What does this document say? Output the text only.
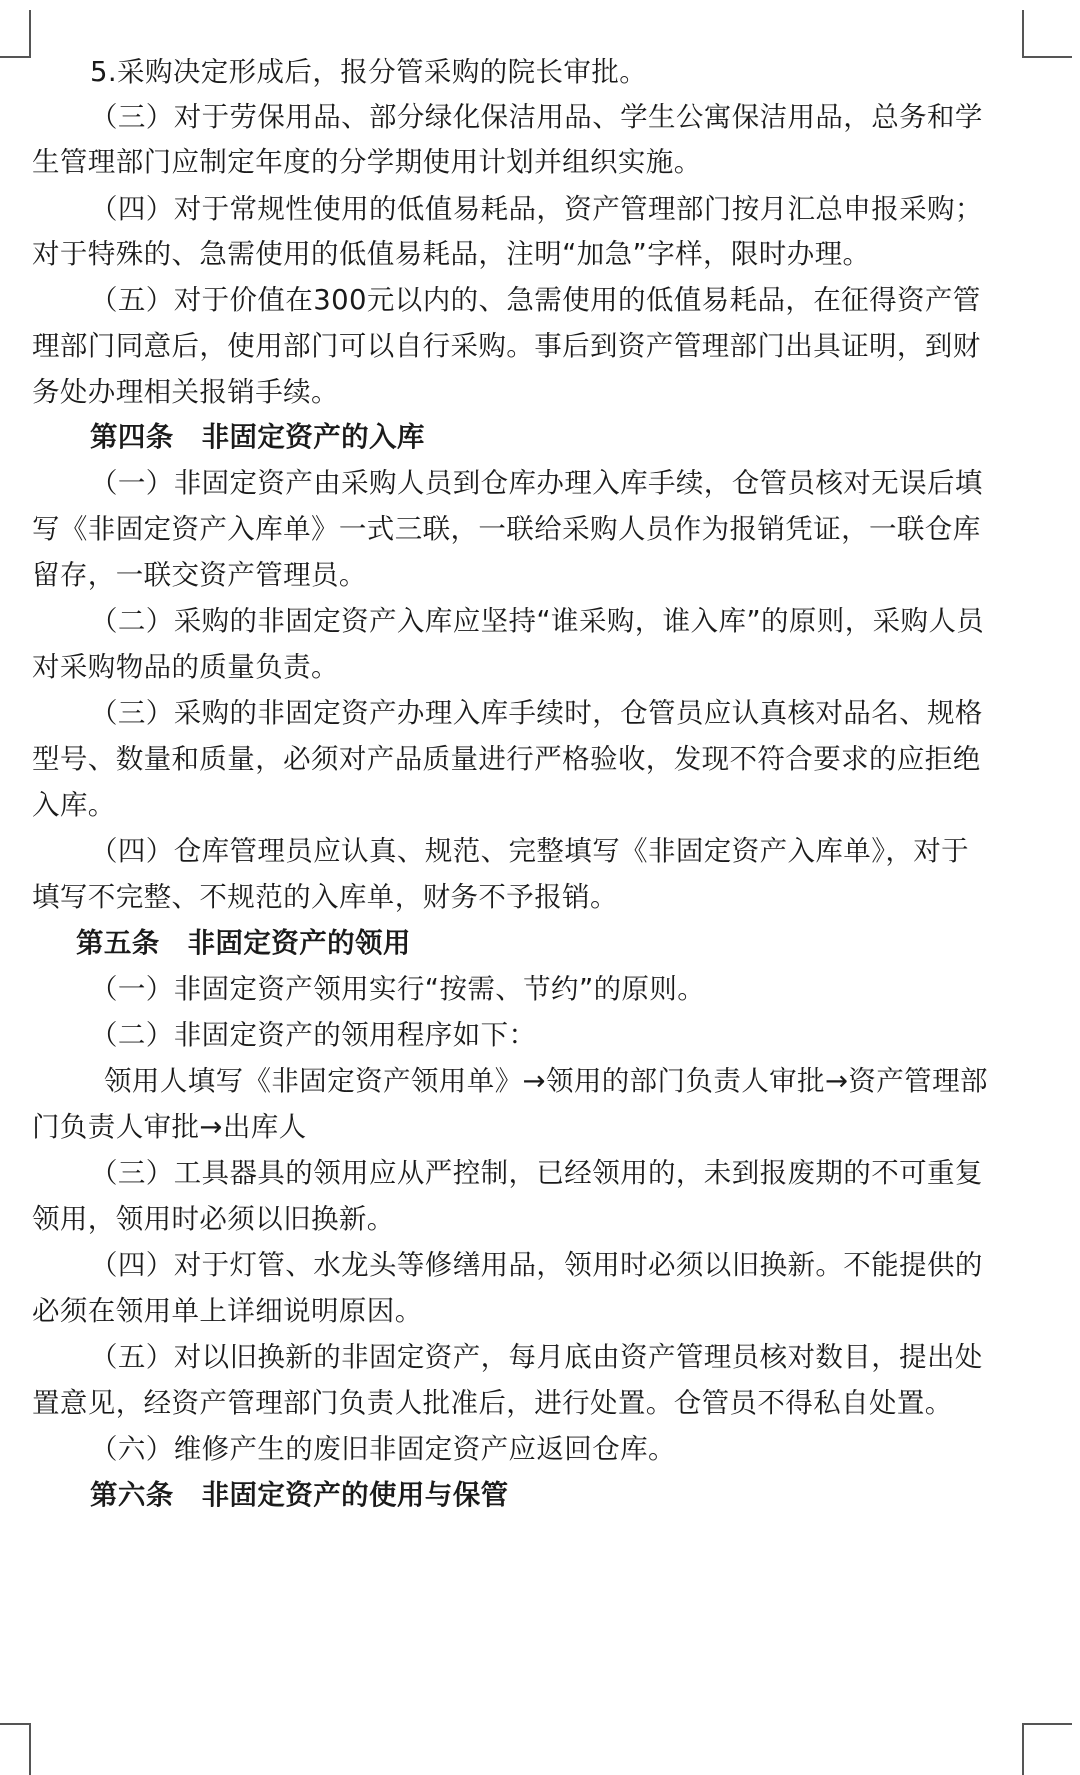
5.采购决定形成后，报分管采购的院长审批。
（三）对于劳保用品、部分绿化保洁用品、学生公寓保洁用品，总务和学
生管理部门应制定年度的分学期使用计划并组织实施。
（四）对于常规性使用的低值易耗品，资产管理部门按月汇总申报采购；
对于特殊的、急需使用的低值易耗品，注明“加急”字样，限时办理。
（五）对于价值在300元以内的、急需使用的低值易耗品，在征得资产管
理部门同意后，使用部门可以自行采购。事后到资产管理部门出具证明，到财
务处办理相关报销手续。
第四条　非固定资产的入库
（一）非固定资产由采购人员到仓库办理入库手续，仓管员核对无误后填
写《非固定资产入库单》一式三联，一联给采购人员作为报销凭证，一联仓库
留存，一联交资产管理员。
（二）采购的非固定资产入库应坚持“谁采购，谁入库”的原则，采购人员
对采购物品的质量负责。
（三）采购的非固定资产办理入库手续时，仓管员应认真核对品名、规格
型号、数量和质量，必须对产品质量进行严格验收，发现不符合要求的应拒绝
入库。
（四）仓库管理员应认真、规范、完整填写《非固定资产入库单》，对于
填写不完整、不规范的入库单，财务不予报销。
第五条　非固定资产的领用
（一）非固定资产领用实行“按需、节约”的原则。
（二）非固定资产的领用程序如下：
领用人填写《非固定资产领用单》→领用的部门负责人审批→资产管理部
门负责人审批→出库人
（三）工具器具的领用应从严控制，已经领用的，未到报废期的不可重复
领用，领用时必须以旧换新。
（四）对于灯管、水龙头等修缮用品，领用时必须以旧换新。不能提供的
必须在领用单上详细说明原因。
（五）对以旧换新的非固定资产，每月底由资产管理员核对数目，提出处
置意见，经资产管理部门负责人批准后，进行处置。仓管员不得私自处置。
（六）维修产生的废旧非固定资产应返回仓库。
第六条　非固定资产的使用与保管
